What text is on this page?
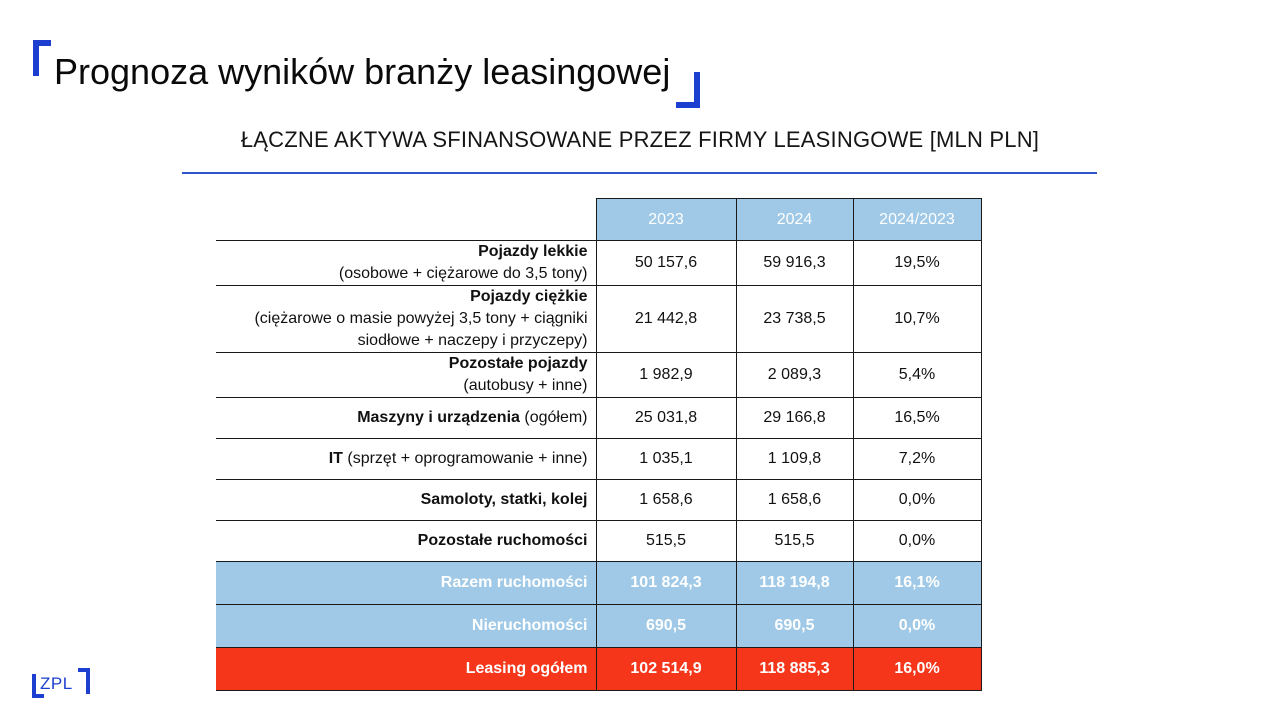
Prognoza wyników branży leasingowej
ŁĄCZNE AKTYWA SFINANSOWANE PRZEZ FIRMY LEASINGOWE [MLN PLN]
	2023	2024	2024/2023
Pojazdy lekkie
(osobowe + ciężarowe do 3,5 tony)	50 157,6	59 916,3	19,5%
Pojazdy ciężkie
(ciężarowe o masie powyżej 3,5 tony + ciągniki siodłowe + naczepy i przyczepy)	21 442,8	23 738,5	10,7%
Pozostałe pojazdy
(autobusy + inne)	1 982,9	2 089,3	5,4%
Maszyny i urządzenia (ogółem)	25 031,8	29 166,8	16,5%
IT (sprzęt + oprogramowanie + inne)	1 035,1	1 109,8	7,2%
Samoloty, statki, kolej	1 658,6	1 658,6	0,0%
Pozostałe ruchomości	515,5	515,5	0,0%
Razem ruchomości	101 824,3	118 194,8	16,1%
Nieruchomości	690,5	690,5	0,0%
Leasing ogółem	102 514,9	118 885,3	16,0%
ZPL
